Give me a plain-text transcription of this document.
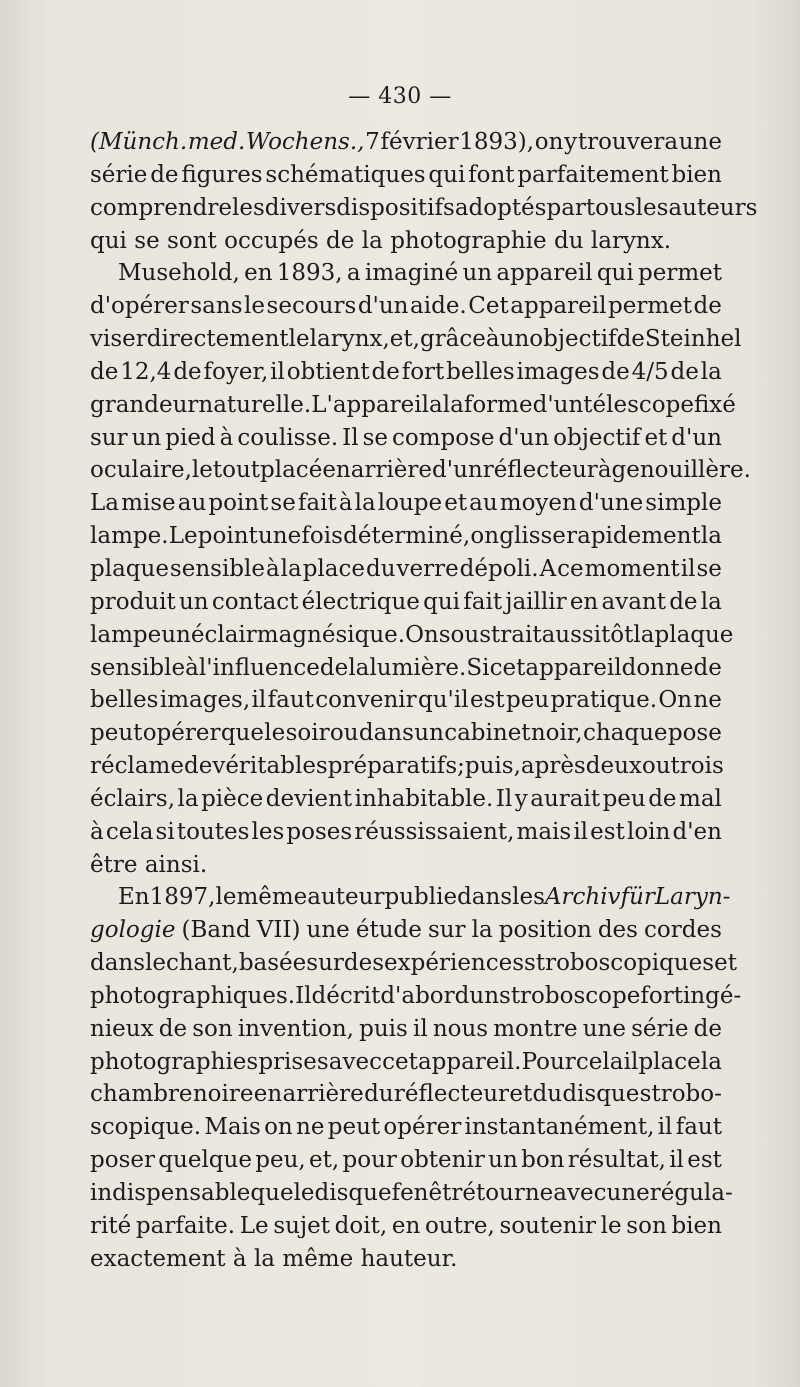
— 430 —
(Münch. med. Wochens., 7 février 1893), on y trouvera une
série de figures schématiques qui font parfaitement bien
comprendre les divers dispositifs adoptés par tous les auteurs
qui se sont occupés de la photographie du larynx.
Musehold, en 1893, a imaginé un appareil qui permet
d'opérer sans le secours d'un aide. Cet appareil permet de
viser directement le larynx, et, grâce à un objectif de Steinhel
de 12,4 de foyer, il obtient de fort belles images de 4/5 de la
grandeur naturelle. L'appareil a la forme d'un télescope fixé
sur un pied à coulisse. Il se compose d'un objectif et d'un
oculaire, le tout placé en arrière d'un réflecteur à genouillère.
La mise au point se fait à la loupe et au moyen d'une simple
lampe. Le point une fois déterminé, on glisse rapidement la
plaque sensible à la place du verre dépoli. A ce moment il se
produit un contact électrique qui fait jaillir en avant de la
lampe un éclair magnésique. On soustrait aussitôt la plaque
sensible à l'influence de la lumière. Si cet appareil donne de
belles images, il faut convenir qu'il est peu pratique. On ne
peut opérer que le soir ou dans un cabinet noir, chaque pose
réclame de véritables préparatifs; puis, après deux ou trois
éclairs, la pièce devient inhabitable. Il y aurait peu de mal
à cela si toutes les poses réussissaient, mais il est loin d'en
être ainsi.
En 1897, le même auteur publie dans les Archiv für Laryn-
gologie (Band VII) une étude sur la position des cordes
dans le chant, basée sur des expériences stroboscopiques et
photographiques. Il décrit d'abord un stroboscope fort ingé-
nieux de son invention, puis il nous montre une série de
photographies prises avec cet appareil. Pour cela il place la
chambre noire en arrière du réflecteur et du disque strobo-
scopique. Mais on ne peut opérer instantanément, il faut
poser quelque peu, et, pour obtenir un bon résultat, il est
indispensable que le disque fenêtré tourne avec une régula-
rité parfaite. Le sujet doit, en outre, soutenir le son bien
exactement à la même hauteur.
